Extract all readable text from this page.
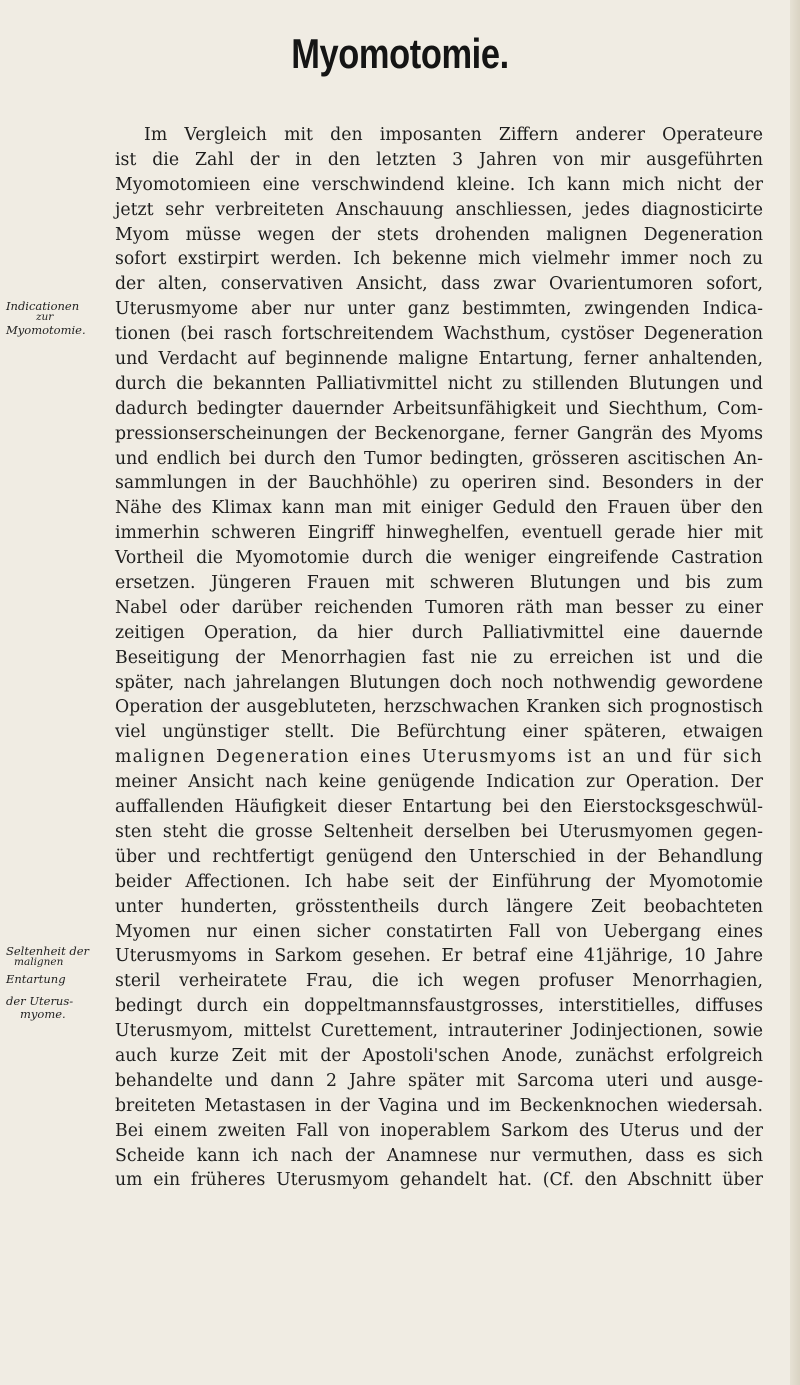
Myomotomie.
Indicationen
zur
Myomotomie.
Seltenheit der
malignen
Entartung
der Uterus-
myome.
Im Vergleich mit den imposanten Ziffern anderer Operateure
ist die Zahl der in den letzten 3 Jahren von mir ausgeführten
Myomotomieen eine verschwindend kleine. Ich kann mich nicht der
jetzt sehr verbreiteten Anschauung anschliessen, jedes diagnosticirte
Myom müsse wegen der stets drohenden malignen Degeneration
sofort exstirpirt werden. Ich bekenne mich vielmehr immer noch zu
der alten, conservativen Ansicht, dass zwar Ovarientumoren sofort,
Uterusmyome aber nur unter ganz bestimmten, zwingenden Indica-
tionen (bei rasch fortschreitendem Wachsthum, cystöser Degeneration
und Verdacht auf beginnende maligne Entartung, ferner anhaltenden,
durch die bekannten Palliativmittel nicht zu stillenden Blutungen und
dadurch bedingter dauernder Arbeitsunfähigkeit und Siechthum, Com-
pressionserscheinungen der Beckenorgane, ferner Gangrän des Myoms
und endlich bei durch den Tumor bedingten, grösseren ascitischen An-
sammlungen in der Bauchhöhle) zu operiren sind. Besonders in der
Nähe des Klimax kann man mit einiger Geduld den Frauen über den
immerhin schweren Eingriff hinweghelfen, eventuell gerade hier mit
Vortheil die Myomotomie durch die weniger eingreifende Castration
ersetzen. Jüngeren Frauen mit schweren Blutungen und bis zum
Nabel oder darüber reichenden Tumoren räth man besser zu einer
zeitigen Operation, da hier durch Palliativmittel eine dauernde
Beseitigung der Menorrhagien fast nie zu erreichen ist und die
später, nach jahrelangen Blutungen doch noch nothwendig gewordene
Operation der ausgebluteten, herzschwachen Kranken sich prognostisch
viel ungünstiger stellt. Die Befürchtung einer späteren, etwaigen
malignen Degeneration eines Uterusmyoms ist an und für sich
meiner Ansicht nach keine genügende Indication zur Operation. Der
auffallenden Häufigkeit dieser Entartung bei den Eierstocksgeschwül-
sten steht die grosse Seltenheit derselben bei Uterusmyomen gegen-
über und rechtfertigt genügend den Unterschied in der Behandlung
beider Affectionen. Ich habe seit der Einführung der Myomotomie
unter hunderten, grösstentheils durch längere Zeit beobachteten
Myomen nur einen sicher constatirten Fall von Uebergang eines
Uterusmyoms in Sarkom gesehen. Er betraf eine 41jährige, 10 Jahre
steril verheiratete Frau, die ich wegen profuser Menorrhagien,
bedingt durch ein doppeltmannsfaustgrosses, interstitielles, diffuses
Uterusmyom, mittelst Curettement, intrauteriner Jodinjectionen, sowie
auch kurze Zeit mit der Apostoli'schen Anode, zunächst erfolgreich
behandelte und dann 2 Jahre später mit Sarcoma uteri und ausge-
breiteten Metastasen in der Vagina und im Beckenknochen wiedersah.
Bei einem zweiten Fall von inoperablem Sarkom des Uterus und der
Scheide kann ich nach der Anamnese nur vermuthen, dass es sich
um ein früheres Uterusmyom gehandelt hat. (Cf. den Abschnitt über
